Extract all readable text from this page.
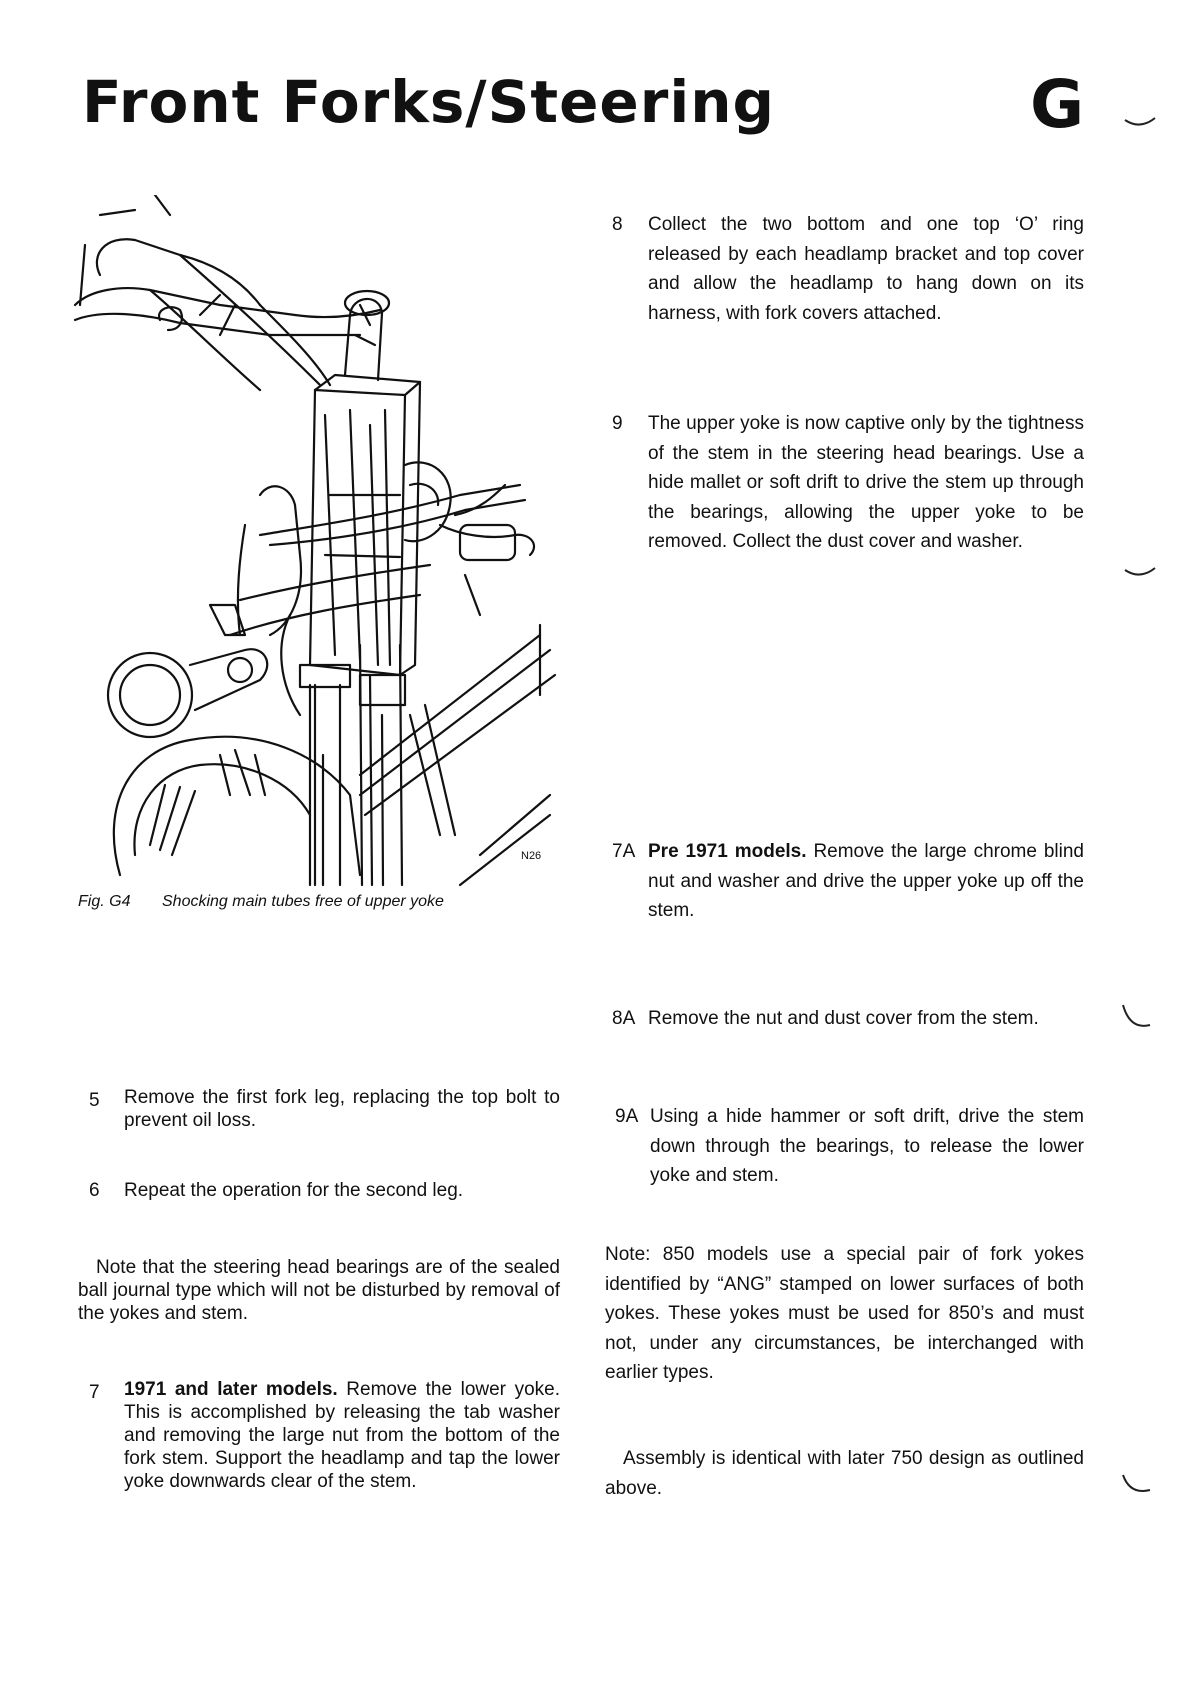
Front Forks/Steering	G
N26
Fig. G4 Shocking main tubes free of upper yoke
5 Remove the first fork leg, replacing the top bolt to prevent oil loss.
6 Repeat the operation for the second leg.
Note that the steering head bearings are of the sealed ball journal type which will not be disturbed by removal of the yokes and stem.
7 1971 and later models. Remove the lower yoke. This is accomplished by releasing the tab washer and removing the large nut from the bottom of the fork stem. Support the headlamp and tap the lower yoke downwards clear of the stem.
8 Collect the two bottom and one top ‘O’ ring released by each headlamp bracket and top cover and allow the headlamp to hang down on its harness, with fork covers attached.
9 The upper yoke is now captive only by the tightness of the stem in the steering head bearings. Use a hide mallet or soft drift to drive the stem up through the bearings, allowing the upper yoke to be removed. Collect the dust cover and washer.
7A Pre 1971 models. Remove the large chrome blind nut and washer and drive the upper yoke up off the stem.
8A Remove the nut and dust cover from the stem.
9A Using a hide hammer or soft drift, drive the stem down through the bearings, to release the lower yoke and stem.
Note: 850 models use a special pair of fork yokes identified by “ANG” stamped on lower surfaces of both yokes. These yokes must be used for 850’s and must not, under any circumstances, be interchanged with earlier types.
Assembly is identical with later 750 design as outlined above.
